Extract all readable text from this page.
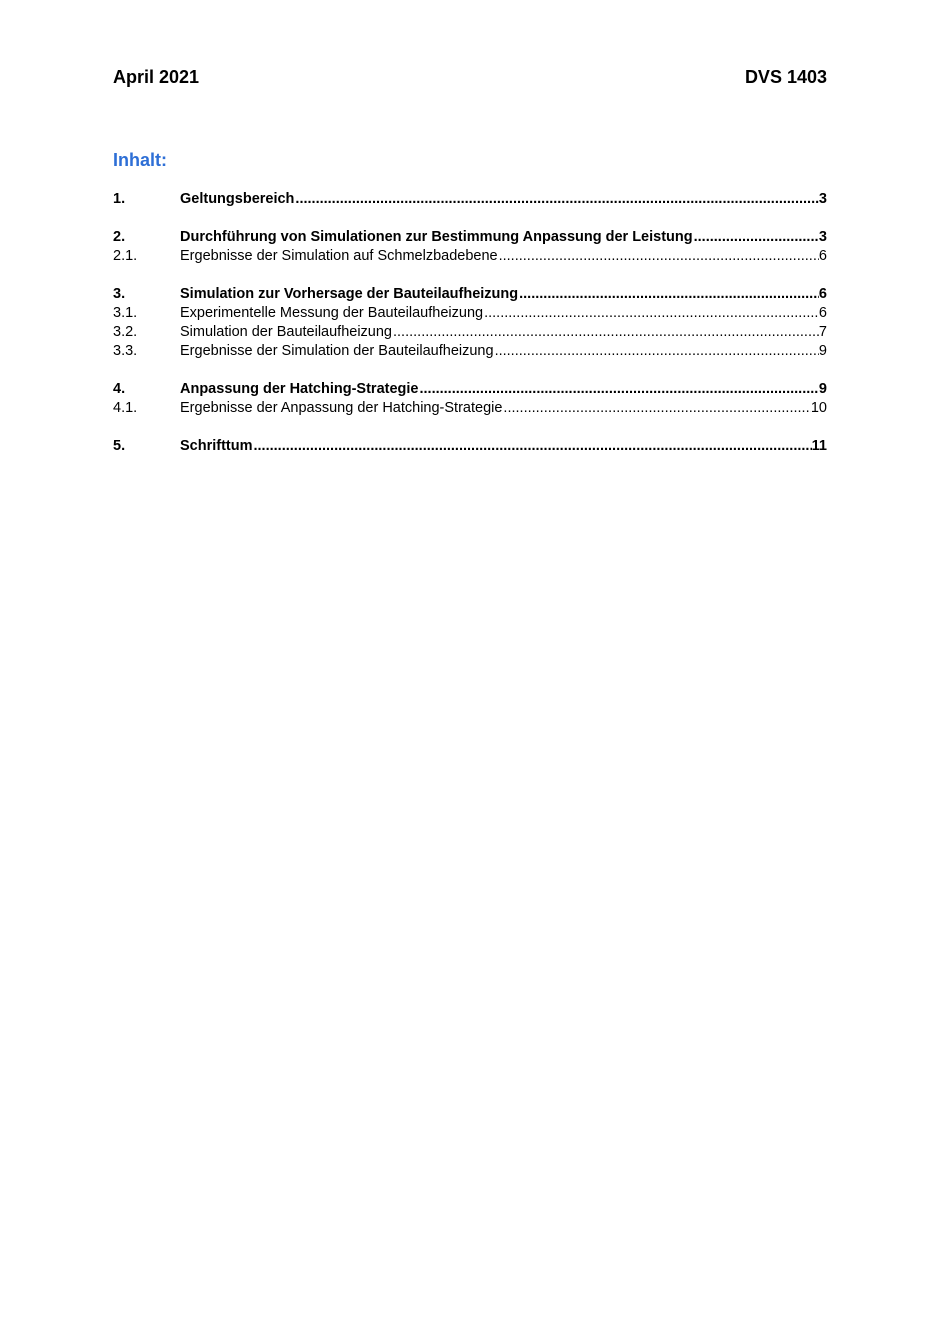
April 2021	DVS 1403
Inhalt:
1.	Geltungsbereich .....	3
2.	Durchführung von Simulationen zur Bestimmung Anpassung der Leistung .....	3
2.1.	Ergebnisse der Simulation auf Schmelzbadebene .....	6
3.	Simulation zur Vorhersage der Bauteilaufheizung .....	6
3.1.	Experimentelle Messung der Bauteilaufheizung .....	6
3.2.	Simulation der Bauteilaufheizung .....	7
3.3.	Ergebnisse der Simulation der Bauteilaufheizung .....	9
4.	Anpassung der Hatching-Strategie .....	9
4.1.	Ergebnisse der Anpassung der Hatching-Strategie .....	10
5.	Schrifttum .....	11
